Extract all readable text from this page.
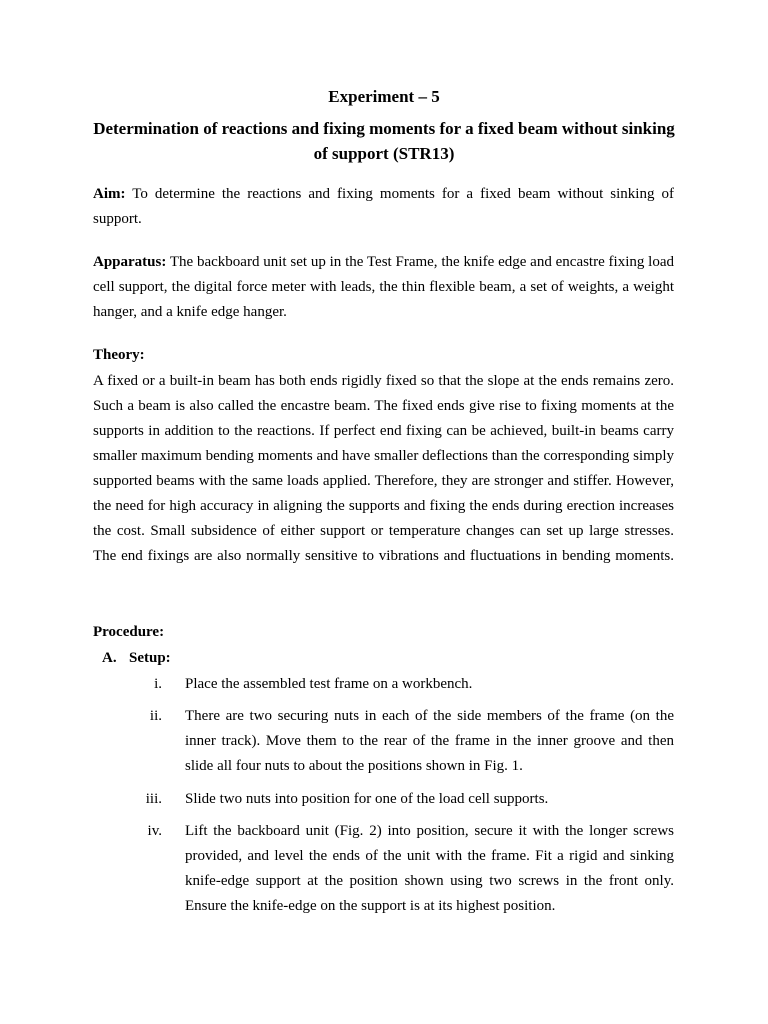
Experiment – 5
Determination of reactions and fixing moments for a fixed beam without sinking of support (STR13)
Aim: To determine the reactions and fixing moments for a fixed beam without sinking of support.
Apparatus: The backboard unit set up in the Test Frame, the knife edge and encastre fixing load cell support, the digital force meter with leads, the thin flexible beam, a set of weights, a weight hanger, and a knife edge hanger.
Theory:
A fixed or a built-in beam has both ends rigidly fixed so that the slope at the ends remains zero. Such a beam is also called the encastre beam. The fixed ends give rise to fixing moments at the supports in addition to the reactions. If perfect end fixing can be achieved, built-in beams carry smaller maximum bending moments and have smaller deflections than the corresponding simply supported beams with the same loads applied. Therefore, they are stronger and stiffer. However, the need for high accuracy in aligning the supports and fixing the ends during erection increases the cost. Small subsidence of either support or temperature changes can set up large stresses. The end fixings are also normally sensitive to vibrations and fluctuations in bending moments.
Procedure:
A. Setup:
i. Place the assembled test frame on a workbench.
ii. There are two securing nuts in each of the side members of the frame (on the inner track). Move them to the rear of the frame in the inner groove and then slide all four nuts to about the positions shown in Fig. 1.
iii. Slide two nuts into position for one of the load cell supports.
iv. Lift the backboard unit (Fig. 2) into position, secure it with the longer screws provided, and level the ends of the unit with the frame. Fit a rigid and sinking knife-edge support at the position shown using two screws in the front only. Ensure the knife-edge on the support is at its highest position.
